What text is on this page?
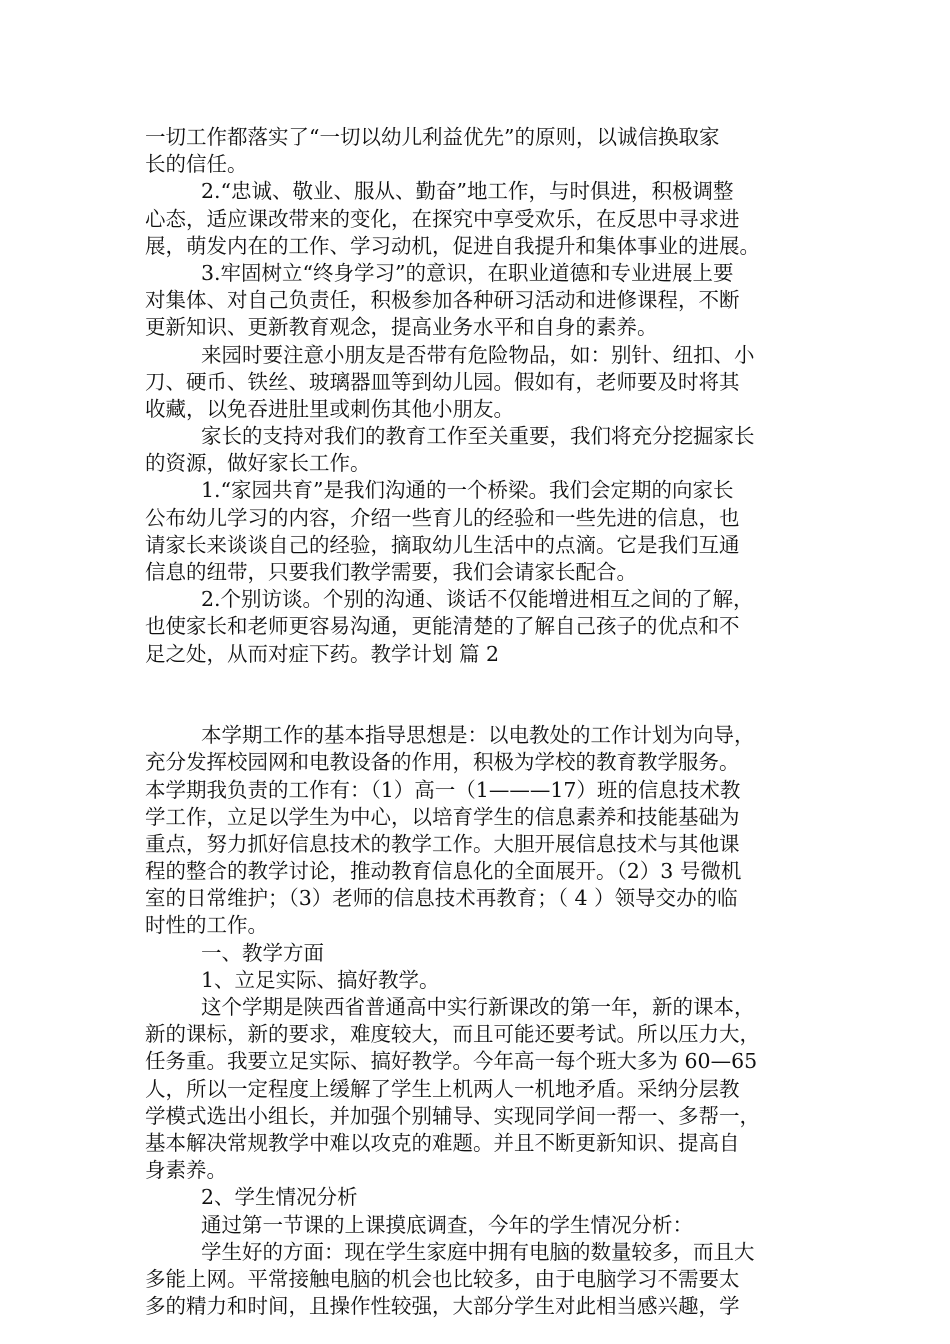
一切工作都落实了“一切以幼儿利益优先”的原则，以诚信换取家
长的信任。
2.“忠诚、敬业、服从、勤奋”地工作，与时俱进，积极调整
心态，适应课改带来的变化，在探究中享受欢乐，在反思中寻求进
展，萌发内在的工作、学习动机，促进自我提升和集体事业的进展。
3.牢固树立“终身学习”的意识，在职业道德和专业进展上要
对集体、对自己负责任，积极参加各种研习活动和进修课程，不断
更新知识、更新教育观念，提高业务水平和自身的素养。
来园时要注意小朋友是否带有危险物品，如：别针、纽扣、小
刀、硬币、铁丝、玻璃器皿等到幼儿园。假如有，老师要及时将其
收藏，以免吞进肚里或刺伤其他小朋友。
家长的支持对我们的教育工作至关重要，我们将充分挖掘家长
的资源，做好家长工作。
1.“家园共育”是我们沟通的一个桥梁。我们会定期的向家长
公布幼儿学习的内容，介绍一些育儿的经验和一些先进的信息，也
请家长来谈谈自己的经验，摘取幼儿生活中的点滴。它是我们互通
信息的纽带，只要我们教学需要，我们会请家长配合。
2.个别访谈。个别的沟通、谈话不仅能增进相互之间的了解，
也使家长和老师更容易沟通，更能清楚的了解自己孩子的优点和不
足之处，从而对症下药。教学计划 篇 2
本学期工作的基本指导思想是：以电教处的工作计划为向导，
充分发挥校园网和电教设备的作用，积极为学校的教育教学服务。
本学期我负责的工作有：（1）高一（1———17）班的信息技术教
学工作，立足以学生为中心，以培育学生的信息素养和技能基础为
重点，努力抓好信息技术的教学工作。大胆开展信息技术与其他课
程的整合的教学讨论，推动教育信息化的全面展开。（2）3 号微机
室的日常维护；（3）老师的信息技术再教育；（ 4 ）领导交办的临
时性的工作。
一、教学方面
1、立足实际、搞好教学。
这个学期是陕西省普通高中实行新课改的第一年，新的课本，
新的课标，新的要求，难度较大，而且可能还要考试。所以压力大，
任务重。我要立足实际、搞好教学。今年高一每个班大多为 60—65
人，所以一定程度上缓解了学生上机两人一机地矛盾。采纳分层教
学模式选出小组长，并加强个别辅导、实现同学间一帮一、多帮一，
基本解决常规教学中难以攻克的难题。并且不断更新知识、提高自
身素养。
2、学生情况分析
通过第一节课的上课摸底调查，今年的学生情况分析：
学生好的方面：现在学生家庭中拥有电脑的数量较多，而且大
多能上网。平常接触电脑的机会也比较多，由于电脑学习不需要太
多的精力和时间，且操作性较强，大部分学生对此相当感兴趣，学
